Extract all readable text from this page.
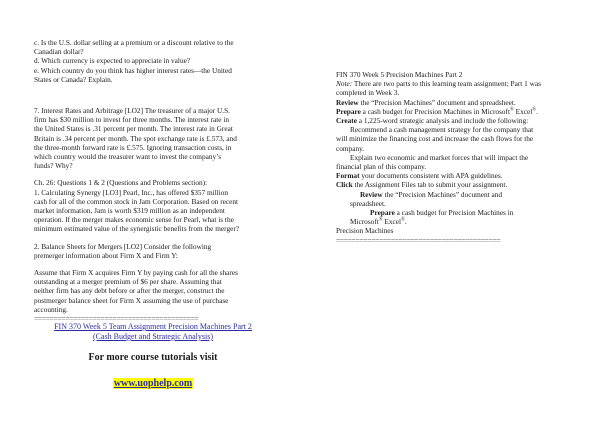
c. Is the U.S. dollar selling at a premium or a discount relative to the
Canadian dollar?
d. Which currency is expected to appreciate in value?
e. Which country do you think has higher interest rates—the United
States or Canada? Explain.
7. Interest Rates and Arbitrage [LO2] The treasurer of a major U.S.
firm has $30 million to invest for three months. The interest rate in
the United States is .31 percent per month. The interest rate in Great
Britain is .34 percent per month. The spot exchange rate is £.573, and
the three-month forward rate is £.575. Ignoring transaction costs, in
which country would the treasurer want to invest the company’s
funds? Why?
Ch. 26: Questions 1 & 2 (Questions and Problems section):
1. Calculating Synergy [LO3] Pearl, Inc., has offered $357 million
cash for all of the common stock in Jam Corporation. Based on recent
market information, Jam is worth $319 million as an independent
operation. If the merger makes economic sense for Pearl, what is the
minimum estimated value of the synergistic benefits from the merger?
2. Balance Sheets for Mergers [LO2] Consider the following
premerger information about Firm X and Firm Y:
Assume that Firm X acquires Firm Y by paying cash for all the shares
outstanding at a merger premium of $6 per share. Assuming that
neither firm has any debt before or after the merger, construct the
postmerger balance sheet for Firm X assuming the use of purchase
accounting.
==========================================
FIN 370 Week 5 Team Assignment Precision Machines Part 2
(Cash Budget and Strategic Analysis)
For more course tutorials visit
www.uophelp.com
FIN 370 Week 5 Precision Machines Part 2
Note: There are two parts to this learning team assignment; Part 1 was
completed in Week 3.
Review the “Precision Machines” document and spreadsheet.
Prepare a cash budget for Precision Machines in Microsoft® Excel®.
Create a 1,225-word strategic analysis and include the following:
Recommend a cash management strategy for the company that
will minimize the financing cost and increase the cash flows for the
company.
Explain two economic and market forces that will impact the
financial plan of this company.
Format your documents consistent with APA guidelines.
Click the Assignment Files tab to submit your assignment.
Review the “Precision Machines” document and
spreadsheet.
Prepare a cash budget for Precision Machines in
Microsoft® Excel®.
Precision Machines
==========================================
